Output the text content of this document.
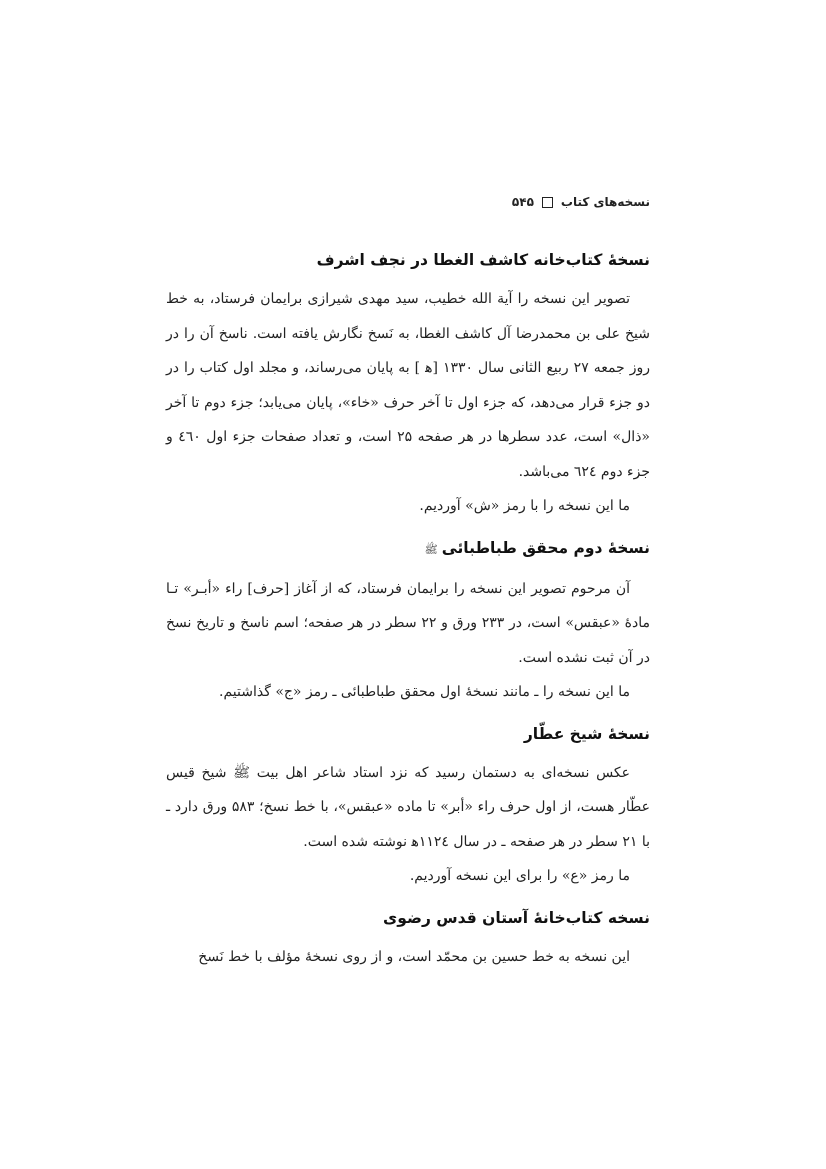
نسخه‌های کتاب
۵۴۵
نسخهٔ کتاب‌خانه کاشف الغطا در نجف اشرف

تصویر این نسخه را آیة الله خطیب، سید مهدی شیرازی برایمان فرستاد، به خط شیخ علی بن محمدرضا آل کاشف الغطا، به نَسخ نگارش یافته است. ناسخ آن را در روز جمعه ۲۷ ربیع الثانی سال ۱۳۳۰ [ه‍ ] به پایان می‌رساند، و مجلد اول کتاب را در دو جزء قرار می‌دهد، که جزء اول تا آخر حرف «خاء»، پایان می‌یابد؛ جزء دوم تا آخر «ذال» است، عدد سطرها در هر صفحه ۲۵ است، و تعداد صفحات جزء اول ٤٦٠ و جزء دوم ٦٢٤ می‌باشد.

ما این نسخه را با رمز «ش» آوردیم.

نسخهٔ دوم محقق طباطبائیﷺ

آن مرحوم تصویر این نسخه را برایمان فرستاد، که از آغاز [حرف] راء «أبـر» تـا مادهٔ «عبقس» است، در ۲۳۳ ورق و ۲۲ سطر در هر صفحه؛ اسم ناسخ و تاریخ نسخ در آن ثبت نشده است.

ما این نسخه را ـ مانند نسخهٔ اول محقق طباطبائی ـ رمز «ج» گذاشتیم.

نسخهٔ شیخ عطّار

عکس نسخه‌ای به دستمان رسید که نزد استاد شاعر اهل بیت ﷺ شیخ قیس عطّار هست، از اول حرف راء «أبر» تا ماده «عبقس»، با خط نسخ؛ ۵۸۳ ورق دارد ـ با ۲۱ سطر در هر صفحه ـ در سال ۱۱۲٤ه‍ نوشته شده است.

ما رمز «ع» را برای این نسخه آوردیم.

نسخه کتاب‌خانهٔ آستان قدس رضوی

این نسخه به خط حسین بن محمّد است، و از روی نسخهٔ مؤلف با خط نَسخ
